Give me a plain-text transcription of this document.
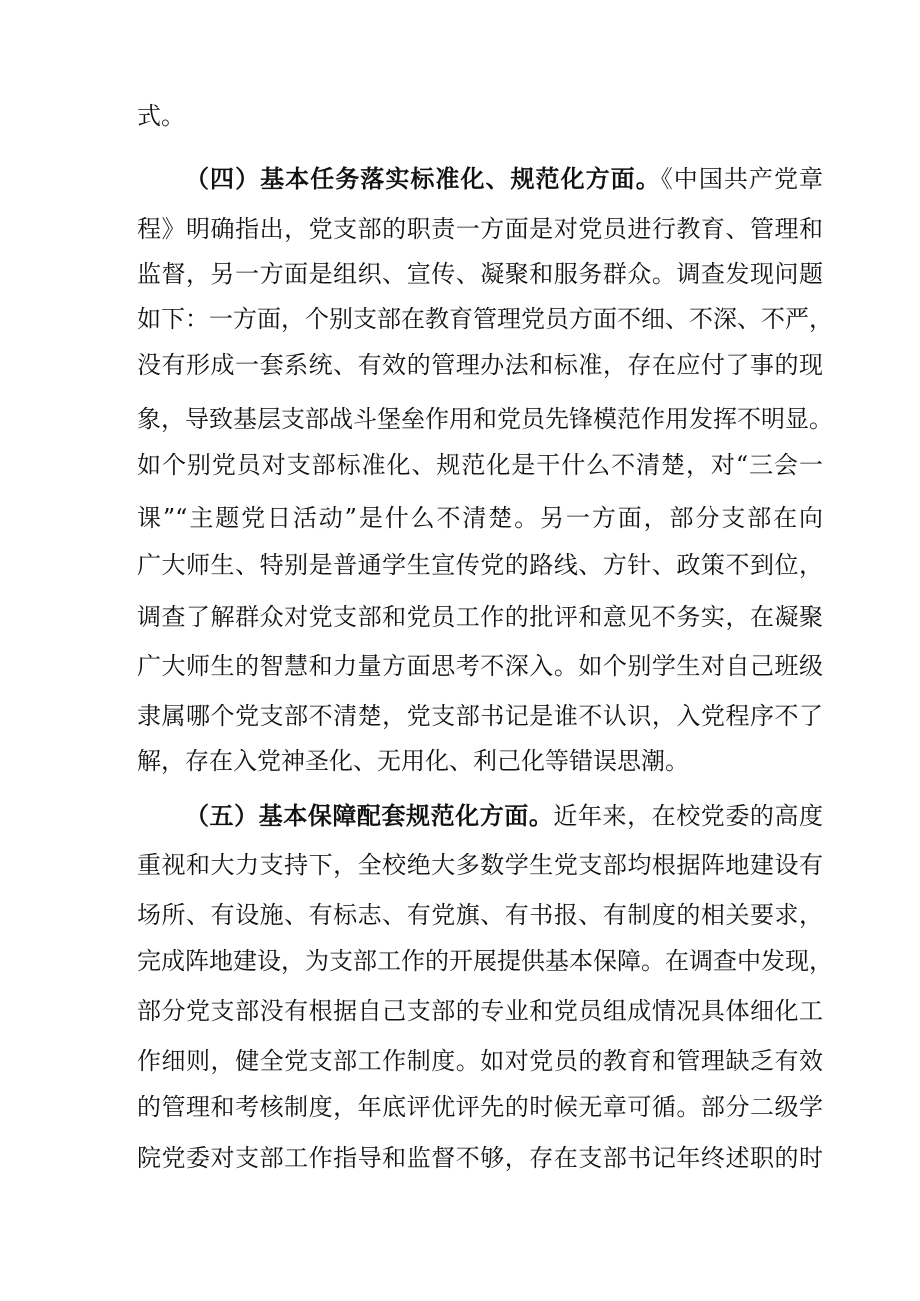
式。
（四）基本任务落实标准化、规范化方面。《中国共产党章
程》明确指出，党支部的职责一方面是对党员进行教育、管理和
监督，另一方面是组织、宣传、凝聚和服务群众。调查发现问题
如下：一方面，个别支部在教育管理党员方面不细、不深、不严，
没有形成一套系统、有效的管理办法和标准，存在应付了事的现
象，导致基层支部战斗堡垒作用和党员先锋模范作用发挥不明显。
如个别党员对支部标准化、规范化是干什么不清楚，对“三会一
课”“主题党日活动”是什么不清楚。另一方面，部分支部在向
广大师生、特别是普通学生宣传党的路线、方针、政策不到位，
调查了解群众对党支部和党员工作的批评和意见不务实，在凝聚
广大师生的智慧和力量方面思考不深入。如个别学生对自己班级
隶属哪个党支部不清楚，党支部书记是谁不认识，入党程序不了
解，存在入党神圣化、无用化、利己化等错误思潮。
（五）基本保障配套规范化方面。近年来，在校党委的高度
重视和大力支持下，全校绝大多数学生党支部均根据阵地建设有
场所、有设施、有标志、有党旗、有书报、有制度的相关要求，
完成阵地建设，为支部工作的开展提供基本保障。在调查中发现，
部分党支部没有根据自己支部的专业和党员组成情况具体细化工
作细则，健全党支部工作制度。如对党员的教育和管理缺乏有效
的管理和考核制度，年底评优评先的时候无章可循。部分二级学
院党委对支部工作指导和监督不够，存在支部书记年终述职的时
